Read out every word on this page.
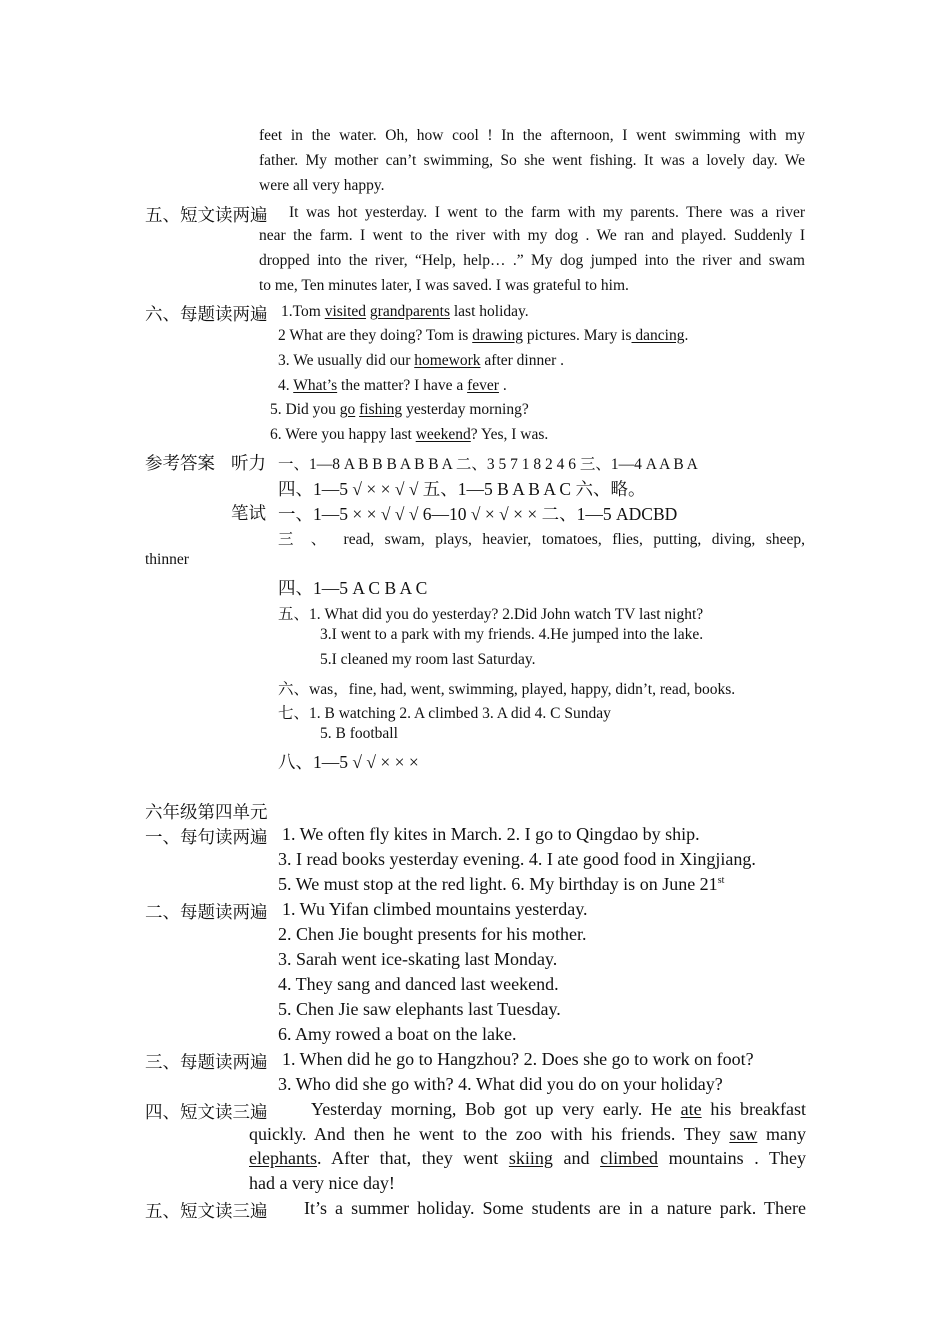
feet in the water. Oh, how cool ! In the afternoon, I went swimming with my
father. My mother can’t swimming, So she went fishing. It was a lovely day. We
were all very happy.
五、短文读两遍 It was hot yesterday. I went to the farm with my parents. There was a river
near the farm. I went to the river with my dog . We ran and played. Suddenly I
dropped into the river, “Help, help… .” My dog jumped into the river and swam
to me, Ten minutes later, I was saved. I was grateful to him.
六、每题读两遍 1.Tom visited grandparents last holiday.
2 What are they doing? Tom is drawing pictures. Mary is dancing.
3. We usually did our homework after dinner .
4. What’s the matter? I have a fever .
5. Did you go fishing yesterday morning?
6. Were you happy last weekend? Yes, I was.
参考答案 听力 一、1—8 A B B B A B B A 二、3 5 7 1 8 2 4 6 三、1—4 A A B A
四、1—5 √ × × √ √ 五、1—5 B A B A C 六、略。
笔试 一、1—5 × × √ √ √ 6—10 √ × √ × × 二、1—5 ADCBD
三 、 read, swam, plays, heavier, tomatoes, flies, putting, diving, sheep,
thinner
四、1—5 A C B A C
五、1. What did you do yesterday? 2.Did John watch TV last night?
3.I went to a park with my friends. 4.He jumped into the lake.
5.I cleaned my room last Saturday.
六、was，fine, had, went, swimming, played, happy, didn’t, read, books.
七、1. B watching 2. A climbed 3. A did 4. C Sunday
5. B football
八、1—5 √ √ × × ×
六年级第四单元
一、每句读两遍 1. We often fly kites in March. 2. I go to Qingdao by ship.
3. I read books yesterday evening. 4. I ate good food in Xingjiang.
5. We must stop at the red light. 6. My birthday is on June 21st
二、每题读两遍 1. Wu Yifan climbed mountains yesterday.
2. Chen Jie bought presents for his mother.
3. Sarah went ice-skating last Monday.
4. They sang and danced last weekend.
5. Chen Jie saw elephants last Tuesday.
6. Amy rowed a boat on the lake.
三、每题读两遍 1. When did he go to Hangzhou? 2. Does she go to work on foot?
3. Who did she go with? 4. What did you do on your holiday?
四、短文读三遍 Yesterday morning, Bob got up very early. He ate his breakfast
quickly. And then he went to the zoo with his friends. They saw many
elephants. After that, they went skiing and climbed mountains . They
had a very nice day!
五、短文读三遍 It’s a summer holiday. Some students are in a nature park. There
